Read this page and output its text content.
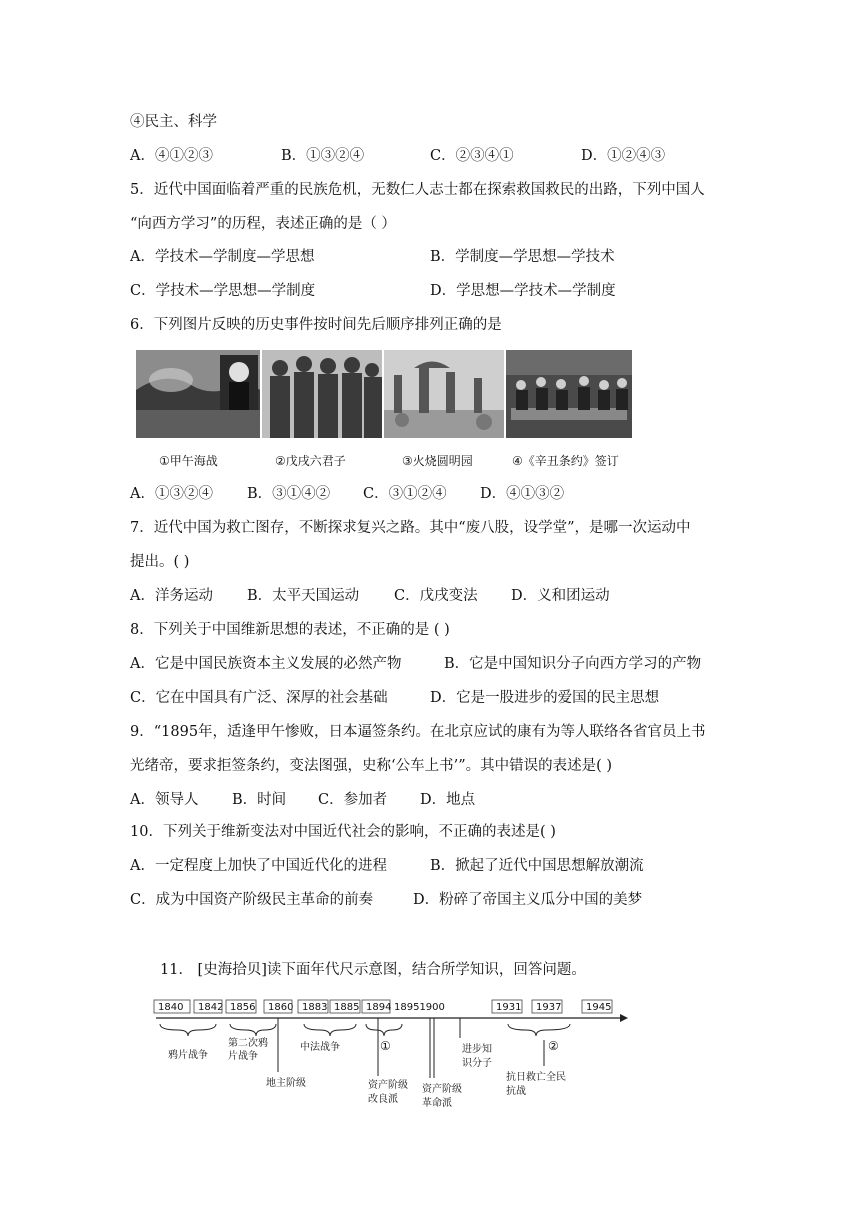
④民主、科学
A．④①②③	B．①③②④	C．②③④①	D．①②④③
5．近代中国面临着严重的民族危机，无数仁人志士都在探索救国救民的出路，下列中国人
“向西方学习”的历程，表述正确的是（ ）
A．学技术—学制度—学思想	B．学制度—学思想—学技术
C．学技术—学思想—学制度	D．学思想—学技术—学制度
6．下列图片反映的历史事件按时间先后顺序排列正确的是
①甲午海战	②戊戌六君子	③火烧圆明园	④《辛丑条约》签订
A．①③②④ B．③①④② C．③①②④ D．④①③②
7．近代中国为救亡图存，不断探求复兴之路。其中“废八股，设学堂”，是哪一次运动中
提出。( )
A．洋务运动 B．太平天国运动 C．戊戌变法 D．义和团运动
8．下列关于中国维新思想的表述，不正确的是 ( )
A．它是中国民族资本主义发展的必然产物	B．它是中国知识分子向西方学习的产物
C．它在中国具有广泛、深厚的社会基础	D．它是一股进步的爱国的民主思想
9．“1895年，适逢甲午惨败，日本逼签条约。在北京应试的康有为等人联络各省官员上书
光绪帝，要求拒签条约，变法图强，史称‘公车上书’”。其中错误的表述是( )
A．领导人 B．时间 C．参加者 D．地点
10．下列关于维新变法对中国近代社会的影响，不正确的表述是( )
A．一定程度上加快了中国近代化的进程	B．掀起了近代中国思想解放潮流
C．成为中国资产阶级民主革命的前奏	D．粉碎了帝国主义瓜分中国的美梦
11． [史海拾贝]读下面年代尺示意图，结合所学知识，回答问题。
1840 1842 1856 1860 1883 1885 1894 18951900	1931 1937 1945
鸦片战争
第二次鸦
片战争
地主阶级
中法战争	①
资产阶级
改良派
资产阶级
革命派
进步知
识分子
②
抗日救亡全民
抗战
